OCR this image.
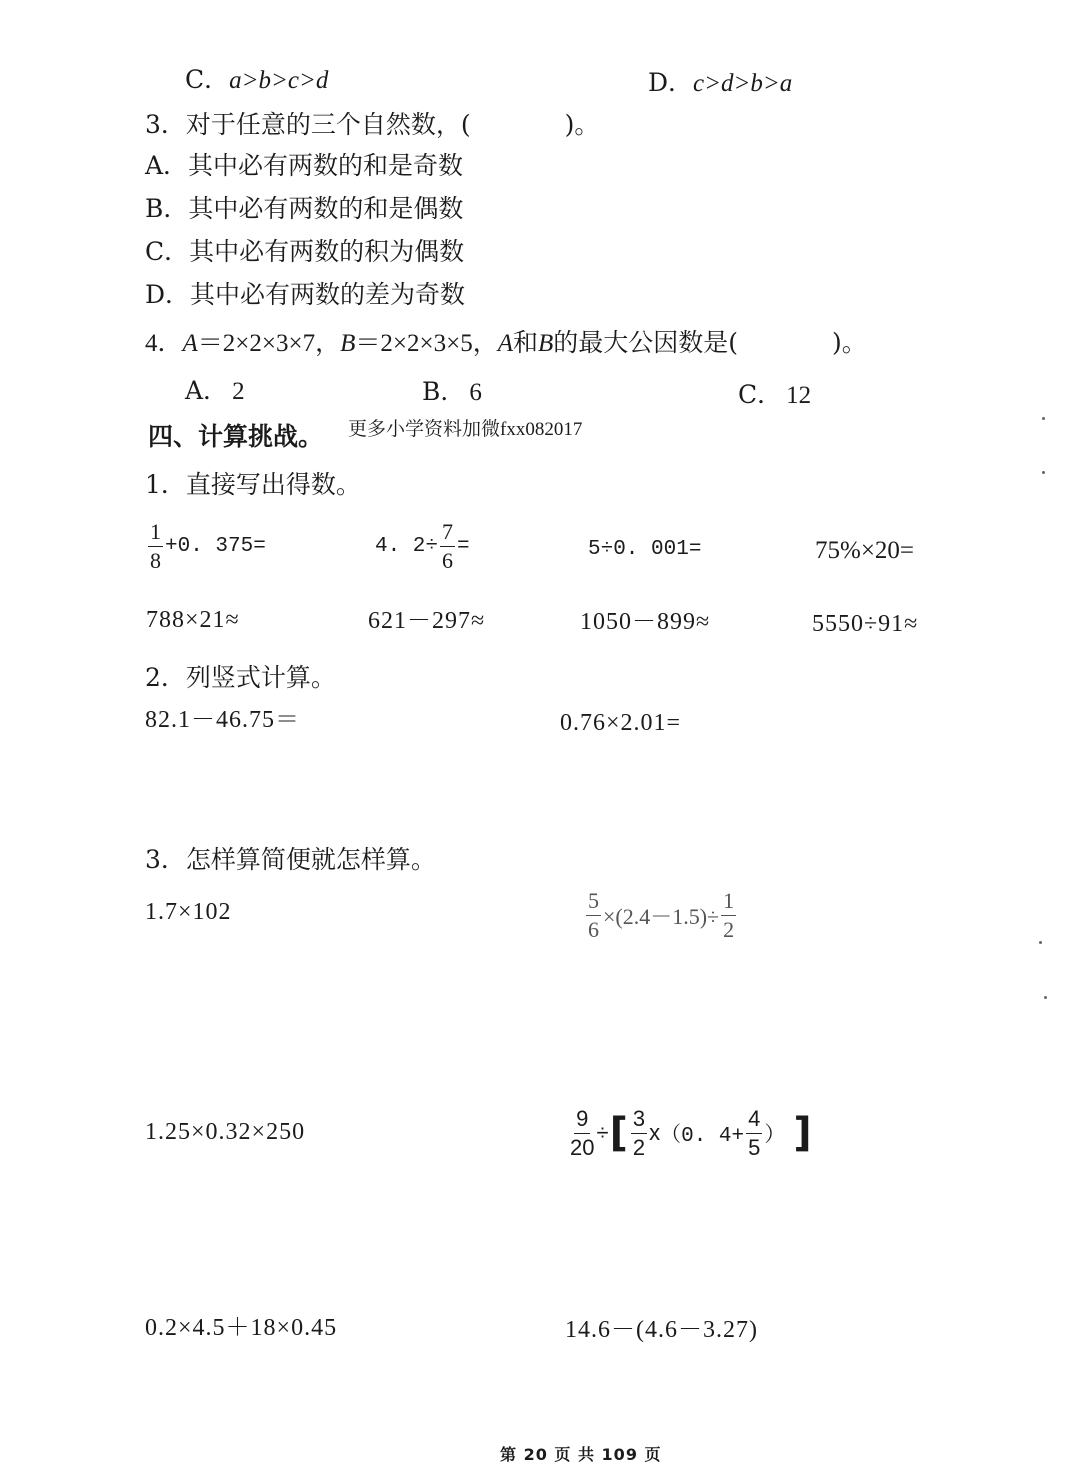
C．a>b>c>d	D．c>d>b>a
3．对于任意的三个自然数，(	)。
A．其中必有两数的和是奇数
B．其中必有两数的和是偶数
C．其中必有两数的积为偶数
D．其中必有两数的差为奇数
4．A＝2×2×3×7，B＝2×2×3×5，A和B的最大公因数是(	)。
A． 2	B． 6	C． 12
四、计算挑战。 更多小学资料加微fxx082017
1．直接写出得数。
$\frac{1}{8} +0$. 375=	4. $2\div \frac{7}{6}$ =	5÷0. 001=	75%×20=
788×21≈	621－297≈	1050－899≈	5550÷91≈
2．列竖式计算。
82.1－46.75＝	0.76×2.01=
3．怎样算简便就怎样算。
1.7×102	$\frac{5}{6} \times(2.4-1.5)\div \frac{1}{2}$
1.25×0.32×250	$\frac{9}{20}$ ÷ [ $\frac{3}{2}$ x （0. $4+ \frac{4}{5}$ ） ]
0.2×4.5＋18×0.45	14.6－(4.6－3.27)
第 20 页 共 109 页
